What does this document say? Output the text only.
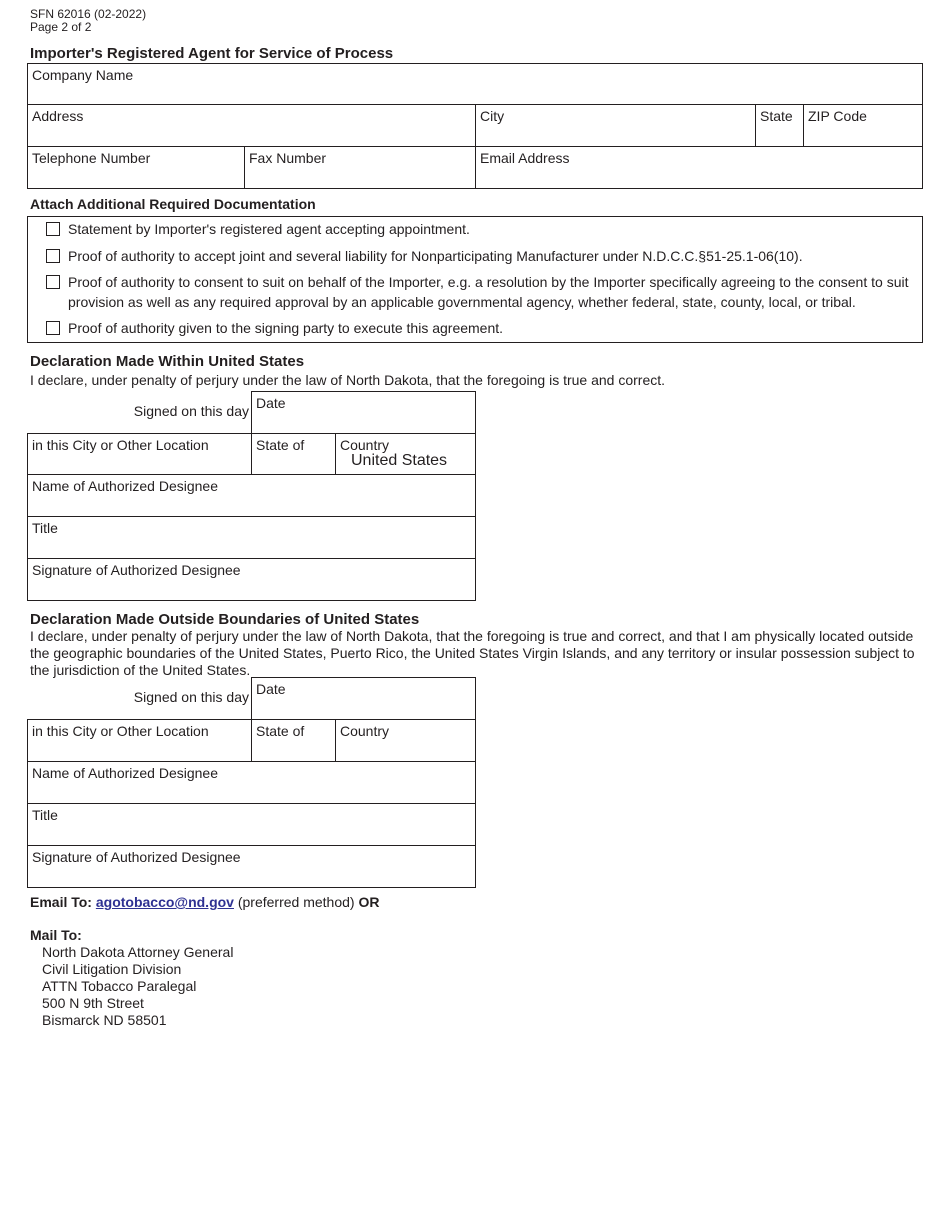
SFN 62016 (02-2022)
Page 2 of 2
Importer's Registered Agent for Service of Process
Company Name
Address	City	State	ZIP Code
Telephone Number	Fax Number	Email Address
Attach Additional Required Documentation
Statement by Importer's registered agent accepting appointment.
Proof of authority to accept joint and several liability for Nonparticipating Manufacturer under N.D.C.C.§51-25.1-06(10).
Proof of authority to consent to suit on behalf of the Importer, e.g. a resolution by the Importer specifically agreeing to the consent to suit provision as well as any required approval by an applicable governmental agency, whether federal, state, county, local, or tribal.
Proof of authority given to the signing party to execute this agreement.
Declaration Made Within United States
I declare, under penalty of perjury under the law of North Dakota, that the foregoing is true and correct.
Signed on this day Date
in this City or Other Location	State of	Country
United States
Name of Authorized Designee
Title
Signature of Authorized Designee
Declaration Made Outside Boundaries of United States
I declare, under penalty of perjury under the law of North Dakota, that the foregoing is true and correct, and that I am physically located outside the geographic boundaries of the United States, Puerto Rico, the United States Virgin Islands, and any territory or insular possession subject to the jurisdiction of the United States.
Signed on this day Date
in this City or Other Location	State of	Country
Name of Authorized Designee
Title
Signature of Authorized Designee
Email To: agotobacco@nd.gov (preferred method) OR
Mail To:
North Dakota Attorney General
Civil Litigation Division
ATTN Tobacco Paralegal
500 N 9th Street
Bismarck ND 58501
